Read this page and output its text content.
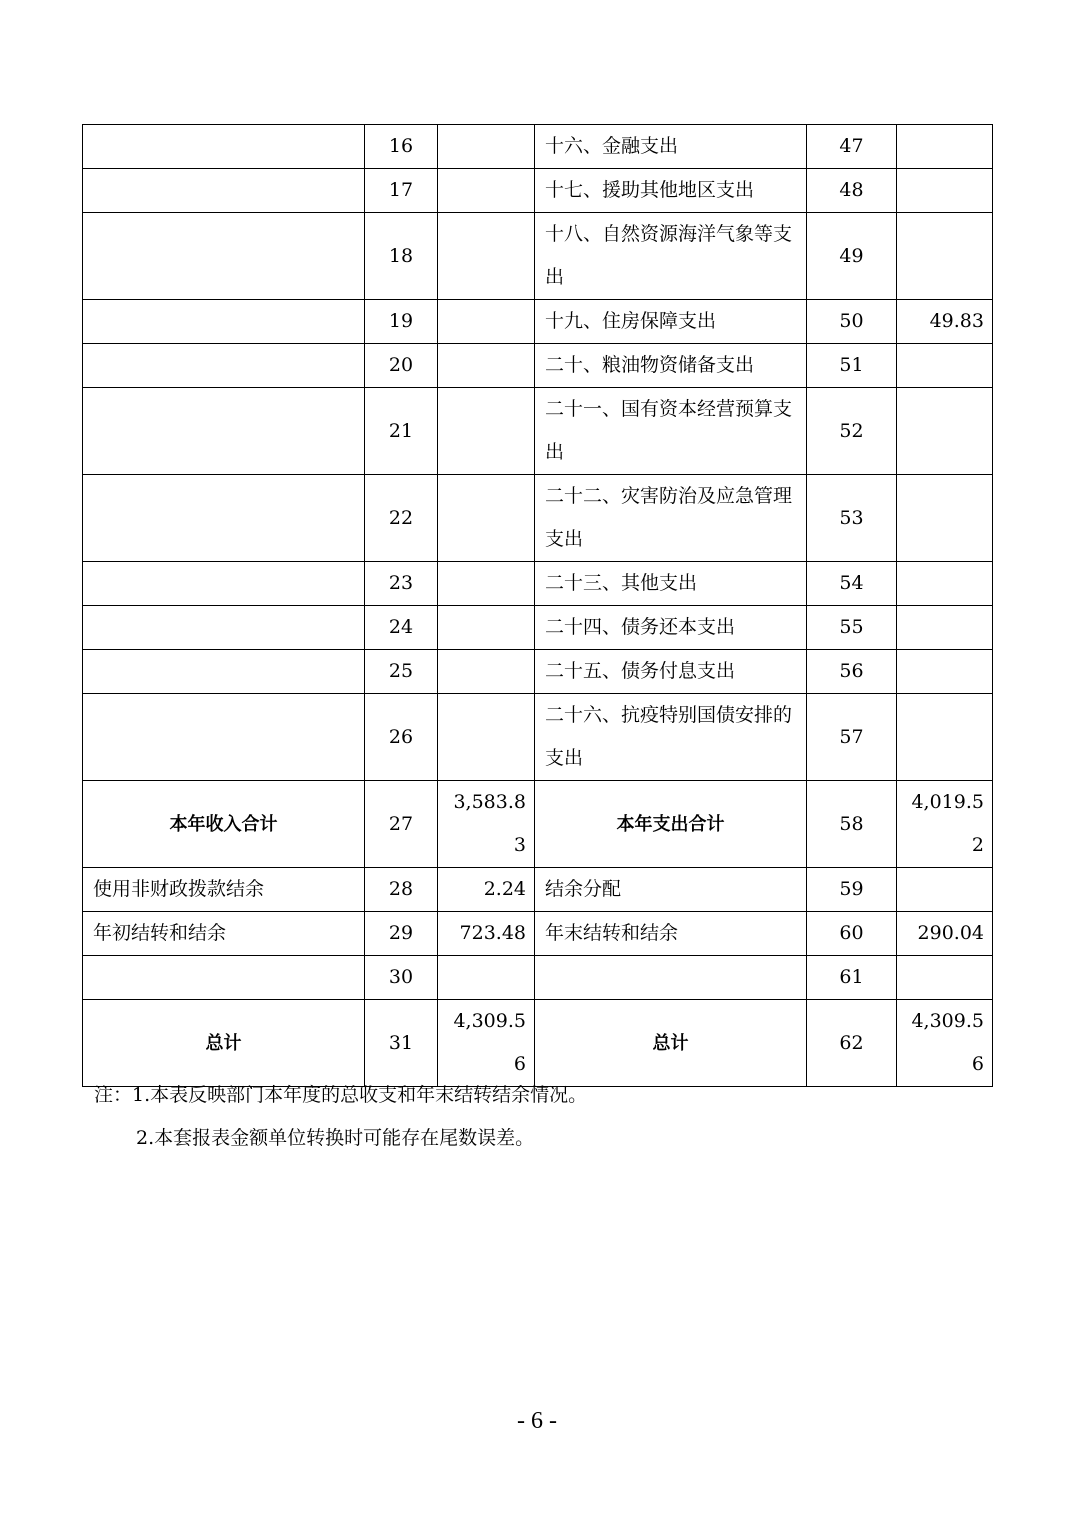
	16		十六、金融支出	47	
	17		十七、援助其他地区支出	48	
	18		十八、自然资源海洋气象等支出	49	
	19		十九、住房保障支出	50	49.83
	20		二十、粮油物资储备支出	51	
	21		二十一、国有资本经营预算支出	52	
	22		二十二、灾害防治及应急管理支出	53	
	23		二十三、其他支出	54	
	24		二十四、债务还本支出	55	
	25		二十五、债务付息支出	56	
	26		二十六、抗疫特别国债安排的支出	57	
本年收入合计	27	3,583.83	本年支出合计	58	4,019.52
使用非财政拨款结余	28	2.24	结余分配	59	
年初结转和结余	29	723.48	年末结转和结余	60	290.04
	30			61	
总计	31	4,309.56	总计	62	4,309.56
注：1.本表反映部门本年度的总收支和年末结转结余情况。
2.本套报表金额单位转换时可能存在尾数误差。
- 6 -
